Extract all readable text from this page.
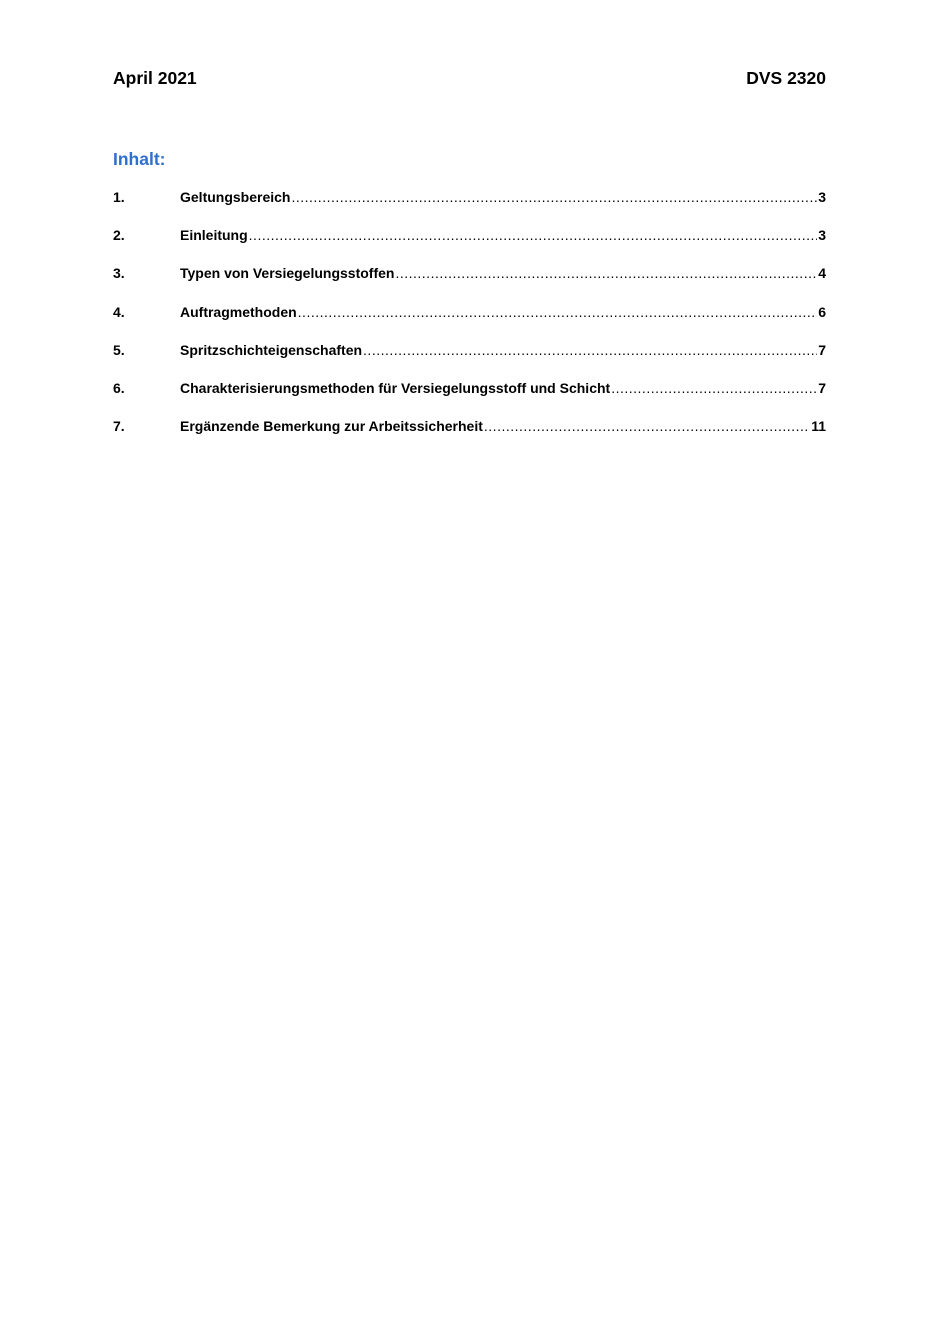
April 2021	DVS 2320
Inhalt:
1.	Geltungsbereich .....	3
2.	Einleitung .....	3
3.	Typen von Versiegelungsstoffen .....	4
4.	Auftragmethoden .....	6
5.	Spritzschichteigenschaften .....	7
6.	Charakterisierungsmethoden für Versiegelungsstoff und Schicht .....	7
7.	Ergänzende Bemerkung zur Arbeitssicherheit .....	11
